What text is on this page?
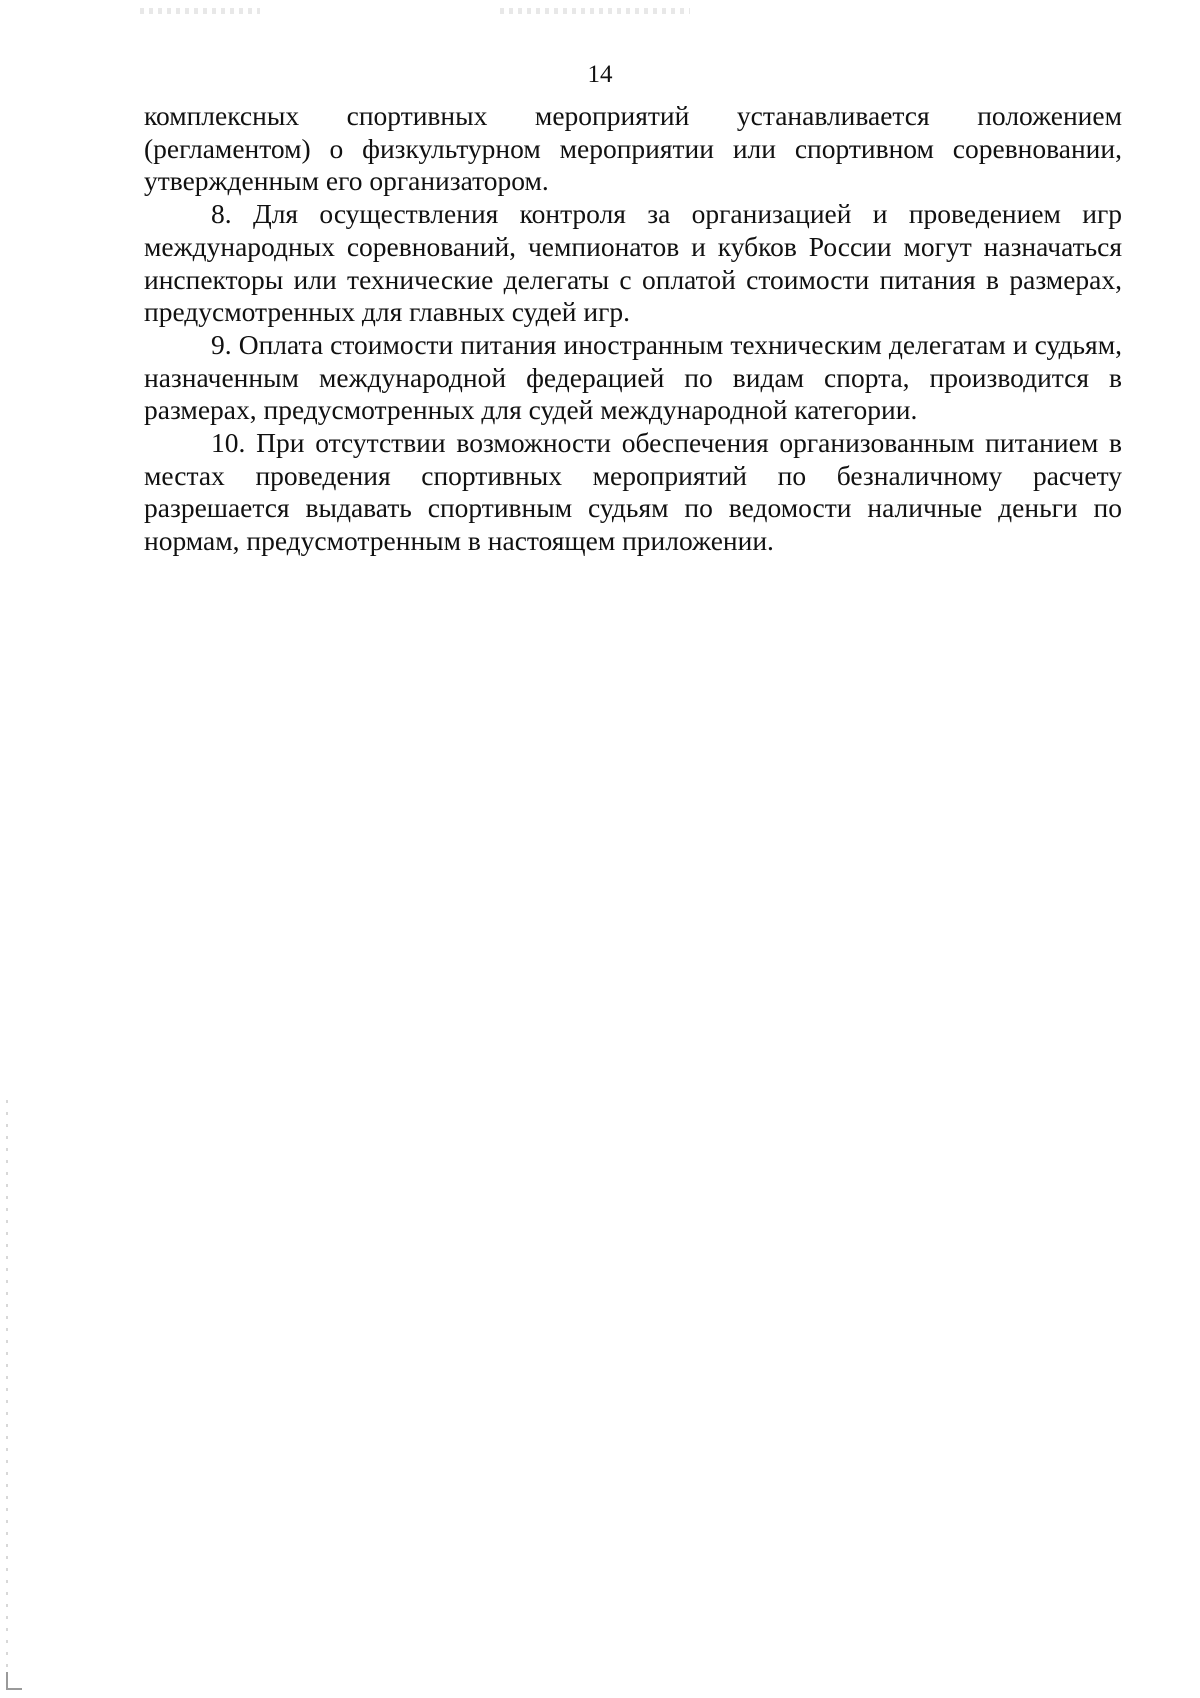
14

комплексных спортивных мероприятий устанавливается положением (регламентом) о физкультурном мероприятии или спортивном соревновании, утвержденным его организатором.

8. Для осуществления контроля за организацией и проведением игр международных соревнований, чемпионатов и кубков России могут назначаться инспекторы или технические делегаты с оплатой стоимости питания в размерах, предусмотренных для главных судей игр.

9. Оплата стоимости питания иностранным техническим делегатам и судьям, назначенным международной федерацией по видам спорта, производится в размерах, предусмотренных для судей международной категории.

10. При отсутствии возможности обеспечения организованным питанием в местах проведения спортивных мероприятий по безналичному расчету разрешается выдавать спортивным судьям по ведомости наличные деньги по нормам, предусмотренным в настоящем приложении.
